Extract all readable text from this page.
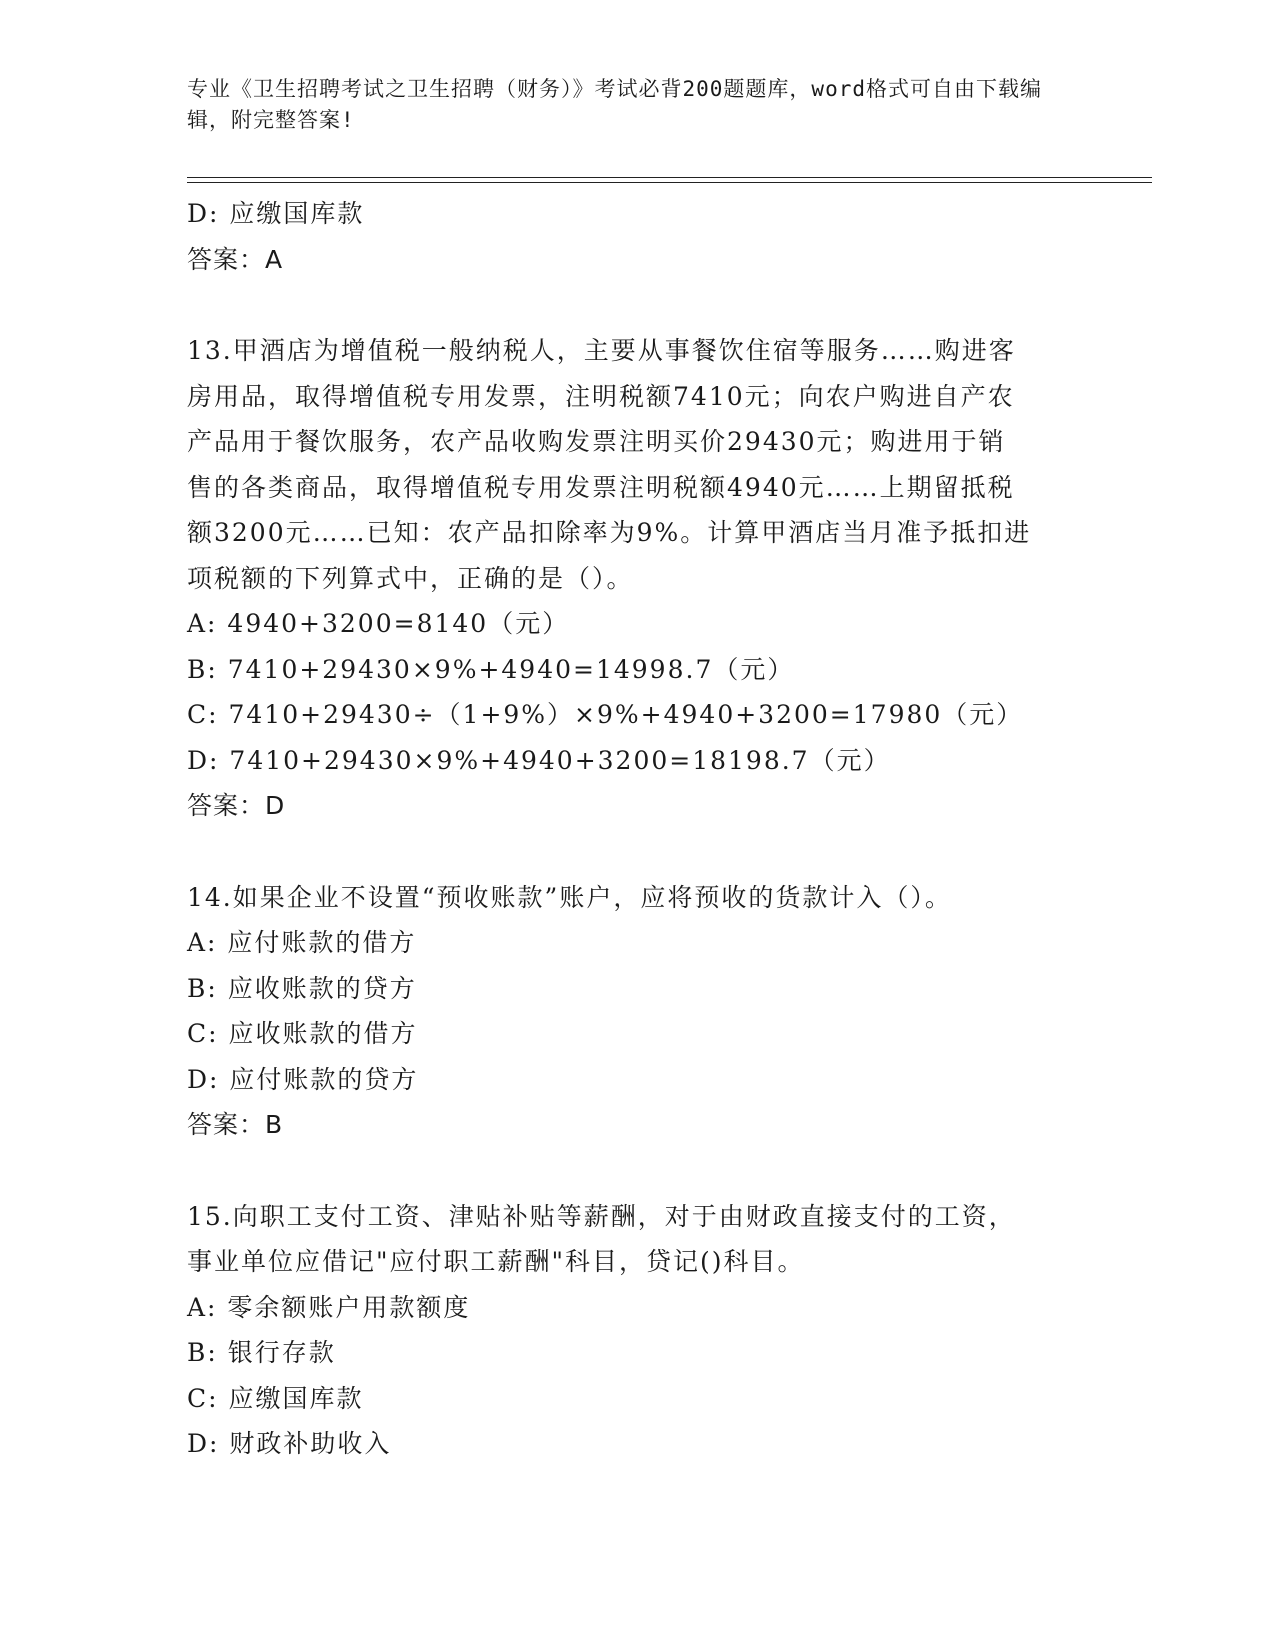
专业《卫生招聘考试之卫生招聘（财务）》考试必背200题题库，word格式可自由下载编辑，附完整答案!
D: 应缴国库款
答案：A
13.甲酒店为增值税一般纳税人，主要从事餐饮住宿等服务……购进客
房用品，取得增值税专用发票，注明税额7410元；向农户购进自产农
产品用于餐饮服务，农产品收购发票注明买价29430元；购进用于销
售的各类商品，取得增值税专用发票注明税额4940元……上期留抵税
额3200元……已知：农产品扣除率为9%。计算甲酒店当月准予抵扣进
项税额的下列算式中，正确的是（）。
A: 4940+3200=8140（元）
B: 7410+29430×9%+4940=14998.7（元）
C: 7410+29430÷（1+9%）×9%+4940+3200=17980（元）
D: 7410+29430×9%+4940+3200=18198.7（元）
答案：D
14.如果企业不设置“预收账款”账户，应将预收的货款计入（）。
A: 应付账款的借方
B: 应收账款的贷方
C: 应收账款的借方
D: 应付账款的贷方
答案：B
15.向职工支付工资、津贴补贴等薪酬，对于由财政直接支付的工资，
事业单位应借记"应付职工薪酬"科目，贷记()科目。
A: 零余额账户用款额度
B: 银行存款
C: 应缴国库款
D: 财政补助收入
